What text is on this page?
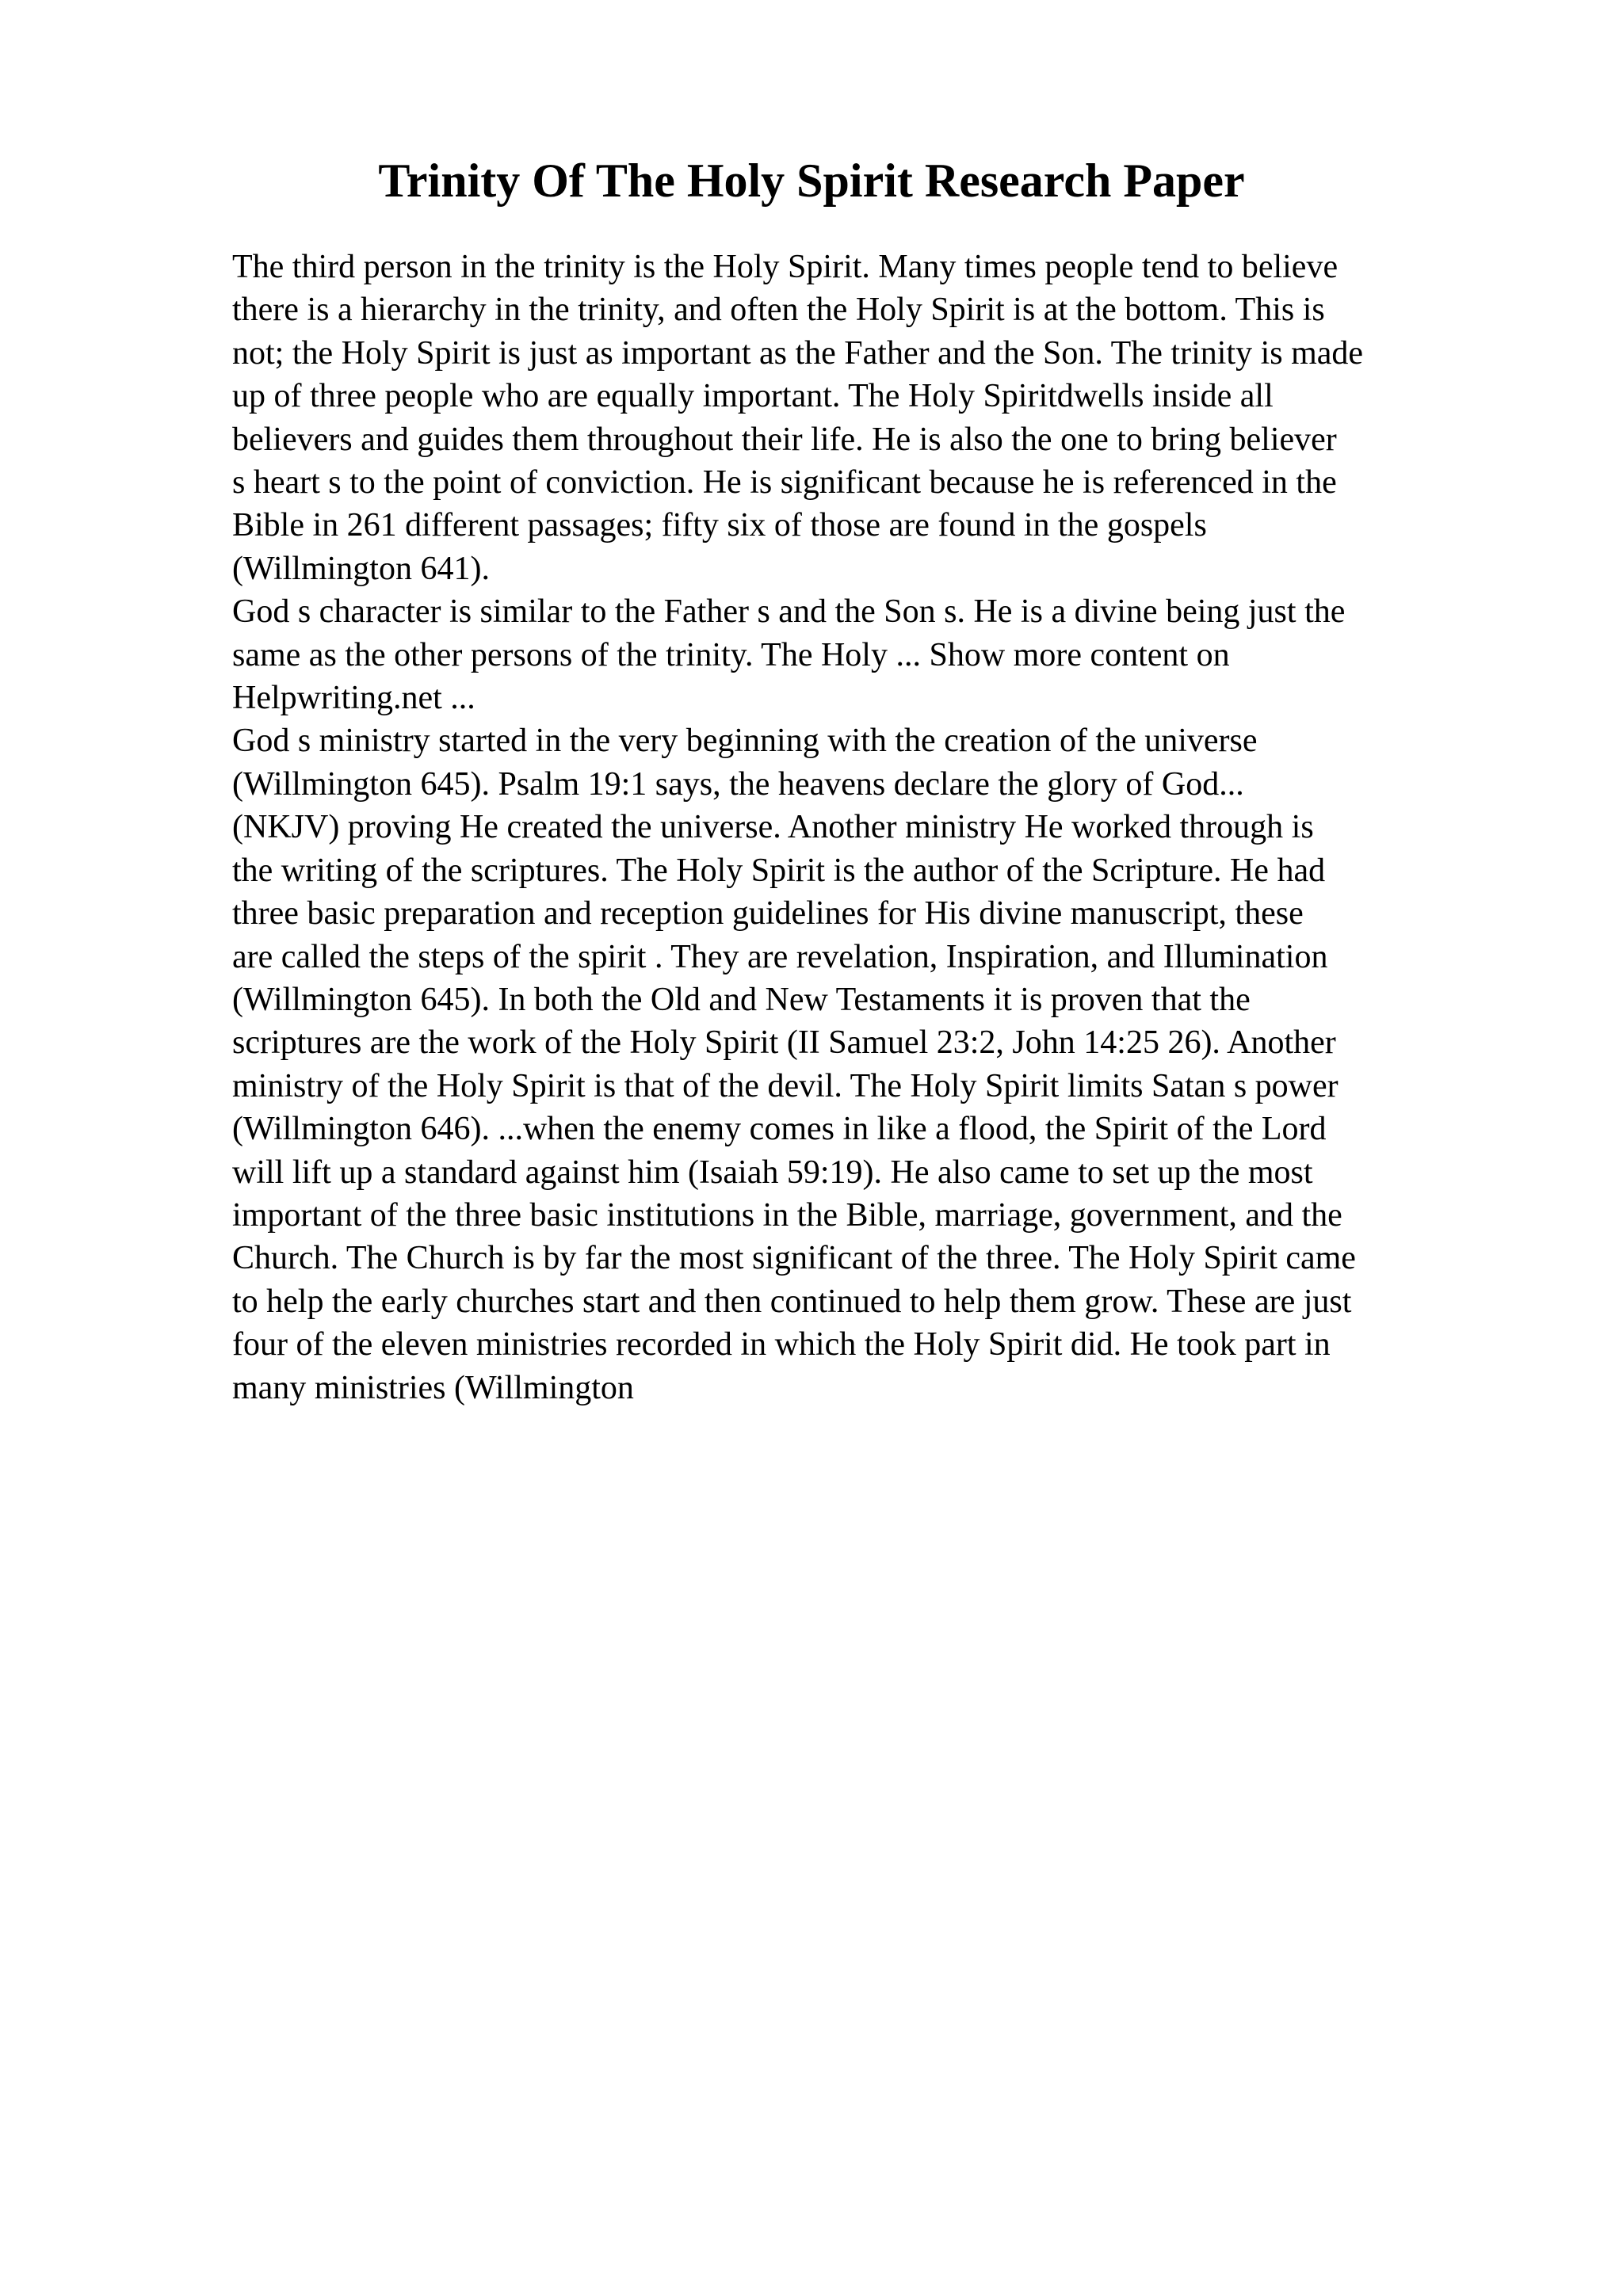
Trinity Of The Holy Spirit Research Paper
The third person in the trinity is the Holy Spirit. Many times people tend to believe
there is a hierarchy in the trinity, and often the Holy Spirit is at the bottom. This is
not; the Holy Spirit is just as important as the Father and the Son. The trinity is made
up of three people who are equally important. The Holy Spiritdwells inside all
believers and guides them throughout their life. He is also the one to bring believer
s heart s to the point of conviction. He is significant because he is referenced in the
Bible in 261 different passages; fifty six of those are found in the gospels
(Willmington 641).
God s character is similar to the Father s and the Son s. He is a divine being just the
same as the other persons of the trinity. The Holy ... Show more content on
Helpwriting.net ...
God s ministry started in the very beginning with the creation of the universe
(Willmington 645). Psalm 19:1 says, the heavens declare the glory of God...
(NKJV) proving He created the universe. Another ministry He worked through is
the writing of the scriptures. The Holy Spirit is the author of the Scripture. He had
three basic preparation and reception guidelines for His divine manuscript, these
are called the steps of the spirit . They are revelation, Inspiration, and Illumination
(Willmington 645). In both the Old and New Testaments it is proven that the
scriptures are the work of the Holy Spirit (II Samuel 23:2, John 14:25 26). Another
ministry of the Holy Spirit is that of the devil. The Holy Spirit limits Satan s power
(Willmington 646). ...when the enemy comes in like a flood, the Spirit of the Lord
will lift up a standard against him (Isaiah 59:19). He also came to set up the most
important of the three basic institutions in the Bible, marriage, government, and the
Church. The Church is by far the most significant of the three. The Holy Spirit came
to help the early churches start and then continued to help them grow. These are just
four of the eleven ministries recorded in which the Holy Spirit did. He took part in
many ministries (Willmington
